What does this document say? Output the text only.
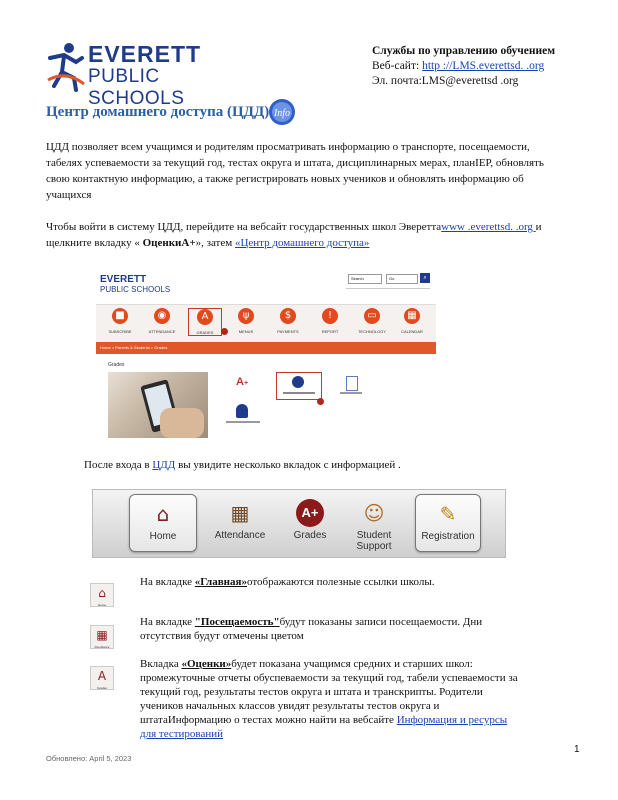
EVERETT
PUBLIC SCHOOLS

Службы по управлению обучением

Веб-сайт: http ://LMS.everettsd. .org

Эл. почта:LMS@everettsd .org

Центр домашнего доступа (ЦДД) Info

ЦДД позволяет всем учащимся и родителям просматривать информацию о транспорте, посещаемости, табелях успеваемости за текущий год, тестах округа и штата, дисциплинарных мерах, планIEP, обновлять свою контактную информацию, а также регистрировать новых учеников и обновлять информацию об учащихся

Чтобы войти в систему ЦДД, перейдите на вебсайт государственных школ Эвереттаwww .everettsd. .org и щелкните вкладку « ОценкиА+», затем «Центр домашнего доступа»

EVERETT
PUBLIC SCHOOLS
Search	Go	⌕
■
SUBSCRIBE
◉
ATTENDANCE
A
GRADES
ψ
MENUS
$
PAYMENTS
!
REPORT
▭
TECHNOLOGY
▦
CALENDAR
Home > Parents & Students > Grades
Grades
A+

После входа в ЦДД вы увидите несколько вкладок с информацией .

⌂
Home
▦
Attendance
A+
Grades
☺
Student Support
✎
Registration
⌂
Home

На вкладке «Главная»отображаются полезные ссылки школы.

▦
Attendance

На вкладке "Посещаемость"будут показаны записи посещаемости. Дни отсутствия будут отмечены цветом

A
Grades

Вкладка «Оценки»будет показана учащимся средних и старших школ: промежуточные отчеты обуспеваемости за текущий год, табели успеваемости за текущий год, результаты тестов округа и штата и транскрипты. Родители учеников начальных классов увидят результаты тестов округа и штатаИнформацию о тестах можно найти на вебсайте Информация и ресурсы для тестирований

1
Обновлено: April 5, 2023
